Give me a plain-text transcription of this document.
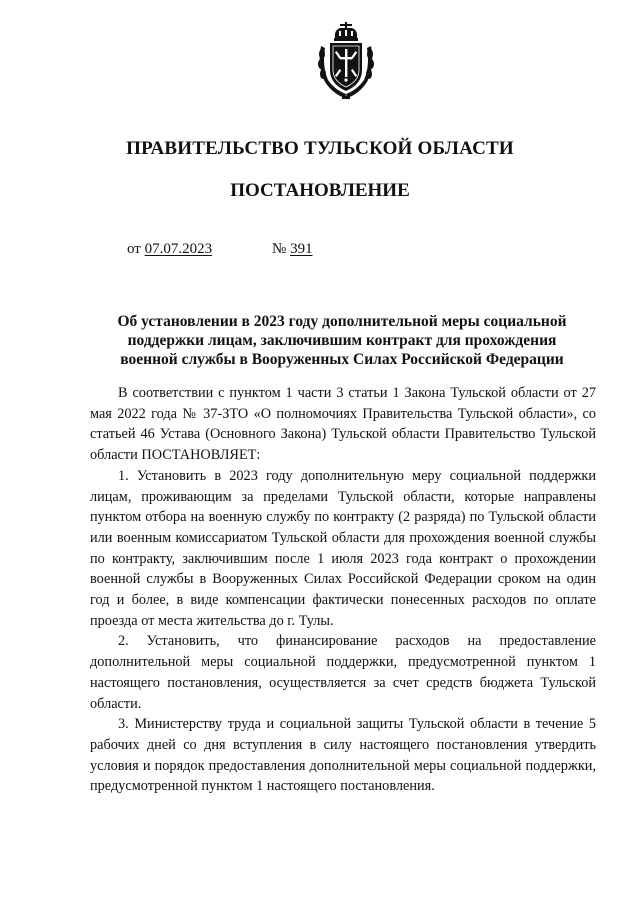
ПРАВИТЕЛЬСТВО ТУЛЬСКОЙ ОБЛАСТИ
ПОСТАНОВЛЕНИЕ
от 07.07.2023	№ 391
Об установлении в 2023 году дополнительной меры социальной
поддержки лицам, заключившим контракт для прохождения
военной службы в Вооруженных Силах Российской Федерации

В соответствии с пунктом 1 части 3 статьи 1 Закона Тульской области от 27 мая 2022 года № 37-ЗТО «О полномочиях Правительства Тульской области», со статьей 46 Устава (Основного Закона) Тульской области Правительство Тульской области ПОСТАНОВЛЯЕТ:

1. Установить в 2023 году дополнительную меру социальной поддержки лицам, проживающим за пределами Тульской области, которые направлены пунктом отбора на военную службу по контракту (2 разряда) по Тульской области или военным комиссариатом Тульской области для прохождения военной службы по контракту, заключившим после 1 июля 2023 года контракт о прохождении военной службы в Вооруженных Силах Российской Федерации сроком на один год и более, в виде компенсации фактически понесенных расходов по оплате проезда от места жительства до г. Тулы.

2. Установить, что финансирование расходов на предоставление дополнительной меры социальной поддержки, предусмотренной пунктом 1 настоящего постановления, осуществляется за счет средств бюджета Тульской области.

3. Министерству труда и социальной защиты Тульской области в течение 5 рабочих дней со дня вступления в силу настоящего постановления утвердить условия и порядок предоставления дополнительной меры социальной поддержки, предусмотренной пунктом 1 настоящего постановления.
